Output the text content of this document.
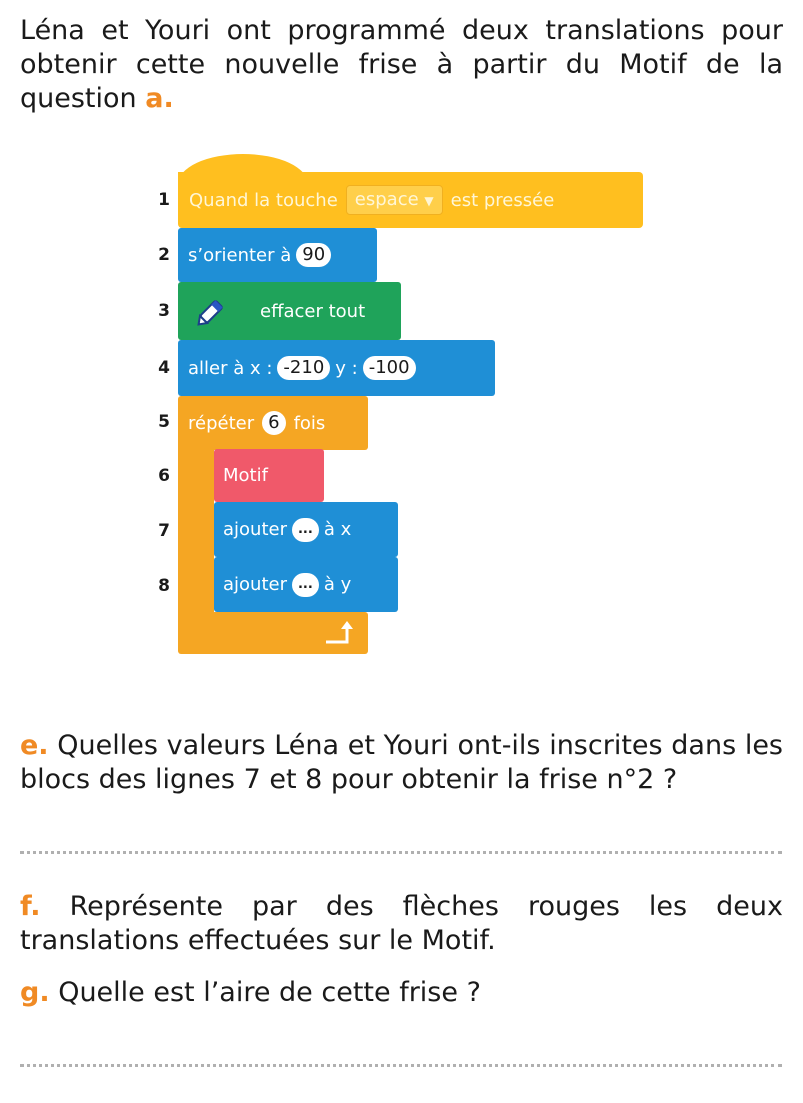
Léna et Youri ont programmé deux translations pour obtenir cette nouvelle frise à partir du Motif de la question a.

1
2
3
4
5
6
7
8
Quand la touche espace ▼ est pressée
s’orienter à 90
effacer tout
aller à x : -210 y : -100
répéter 6 fois
Motif
ajouter ... à x
ajouter ... à y

e. Quelles valeurs Léna et Youri ont-ils inscrites dans les blocs des lignes 7 et 8 pour obtenir la frise n°2 ?

f. Représente par des flèches rouges les deux translations effectuées sur le Motif.

g. Quelle est l’aire de cette frise ?
